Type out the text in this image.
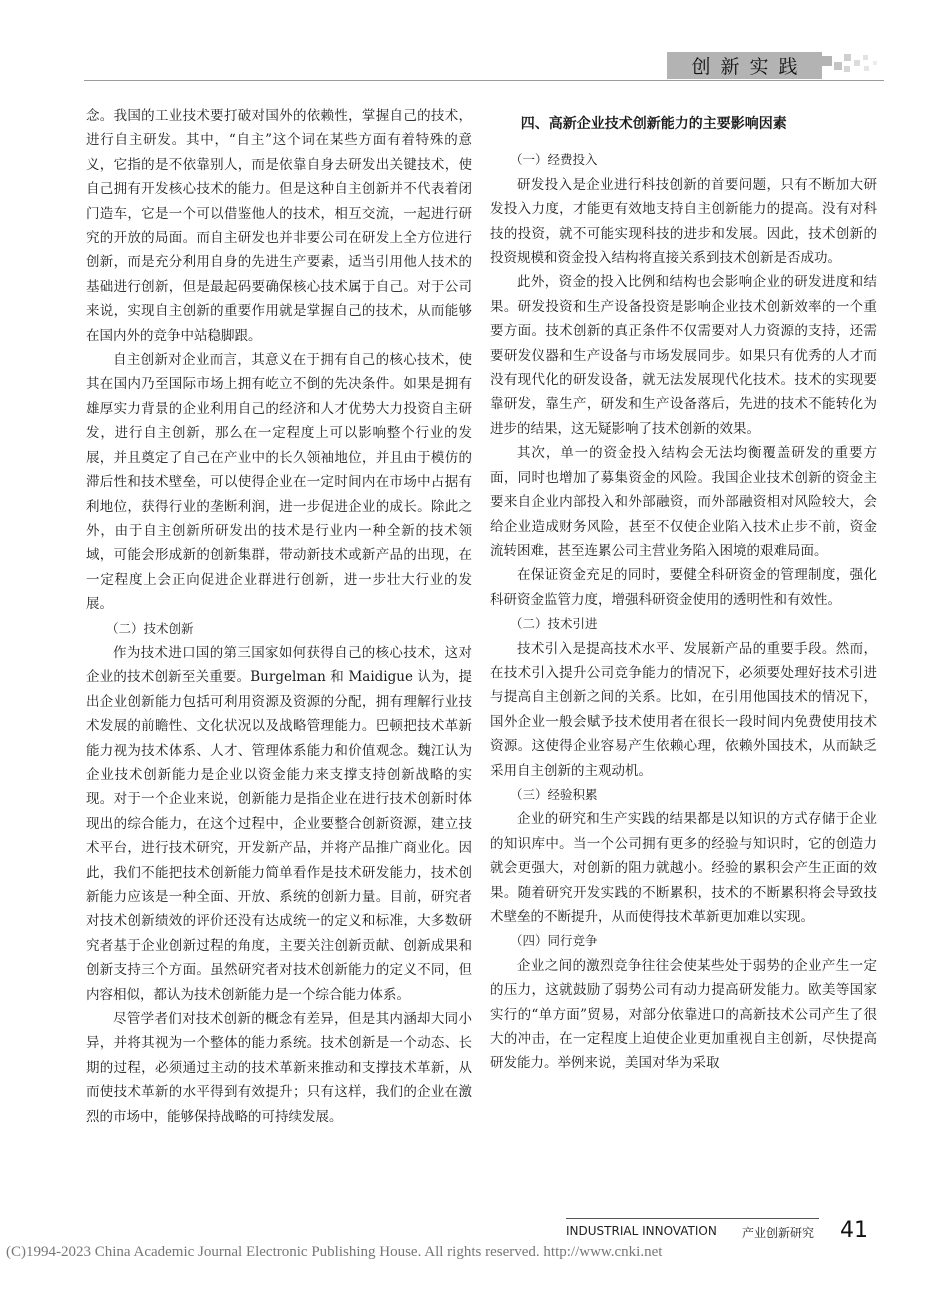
创新实践

念。我国的工业技术要打破对国外的依赖性，掌握自己的技术，进行自主研发。其中，“自主”这个词在某些方面有着特殊的意义，它指的是不依靠别人，而是依靠自身去研发出关键技术，使自己拥有开发核心技术的能力。但是这种自主创新并不代表着闭门造车，它是一个可以借鉴他人的技术，相互交流，一起进行研究的开放的局面。而自主研发也并非要公司在研发上全方位进行创新，而是充分利用自身的先进生产要素，适当引用他人技术的基础进行创新，但是最起码要确保核心技术属于自己。对于公司来说，实现自主创新的重要作用就是掌握自己的技术，从而能够在国内外的竞争中站稳脚跟。

自主创新对企业而言，其意义在于拥有自己的核心技术，使其在国内乃至国际市场上拥有屹立不倒的先决条件。如果是拥有雄厚实力背景的企业利用自己的经济和人才优势大力投资自主研发，进行自主创新，那么在一定程度上可以影响整个行业的发展，并且奠定了自己在产业中的长久领袖地位，并且由于模仿的滞后性和技术壁垒，可以使得企业在一定时间内在市场中占据有利地位，获得行业的垄断利润，进一步促进企业的成长。除此之外，由于自主创新所研发出的技术是行业内一种全新的技术领域，可能会形成新的创新集群，带动新技术或新产品的出现，在一定程度上会正向促进企业群进行创新，进一步壮大行业的发展。

（二）技术创新

作为技术进口国的第三国家如何获得自己的核心技术，这对企业的技术创新至关重要。Burgelman 和 Maidigue 认为，提出企业创新能力包括可利用资源及资源的分配，拥有理解行业技术发展的前瞻性、文化状况以及战略管理能力。巴顿把技术革新能力视为技术体系、人才、管理体系能力和价值观念。魏江认为企业技术创新能力是企业以资金能力来支撑支持创新战略的实现。对于一个企业来说，创新能力是指企业在进行技术创新时体现出的综合能力，在这个过程中，企业要整合创新资源，建立技术平台，进行技术研究，开发新产品，并将产品推广商业化。因此，我们不能把技术创新能力简单看作是技术研发能力，技术创新能力应该是一种全面、开放、系统的创新力量。目前，研究者对技术创新绩效的评价还没有达成统一的定义和标准，大多数研究者基于企业创新过程的角度，主要关注创新贡献、创新成果和创新支持三个方面。虽然研究者对技术创新能力的定义不同，但内容相似，都认为技术创新能力是一个综合能力体系。

尽管学者们对技术创新的概念有差异，但是其内涵却大同小异，并将其视为一个整体的能力系统。技术创新是一个动态、长期的过程，必须通过主动的技术革新来推动和支撑技术革新，从而使技术革新的水平得到有效提升；只有这样，我们的企业在激烈的市场中，能够保持战略的可持续发展。

四、高新企业技术创新能力的主要影响因素
（一）经费投入

研发投入是企业进行科技创新的首要问题，只有不断加大研发投入力度，才能更有效地支持自主创新能力的提高。没有对科技的投资，就不可能实现科技的进步和发展。因此，技术创新的投资规模和资金投入结构将直接关系到技术创新是否成功。

此外，资金的投入比例和结构也会影响企业的研发进度和结果。研发投资和生产设备投资是影响企业技术创新效率的一个重要方面。技术创新的真正条件不仅需要对人力资源的支持，还需要研发仪器和生产设备与市场发展同步。如果只有优秀的人才而没有现代化的研发设备，就无法发展现代化技术。技术的实现要靠研发，靠生产，研发和生产设备落后，先进的技术不能转化为进步的结果，这无疑影响了技术创新的效果。

其次，单一的资金投入结构会无法均衡覆盖研发的重要方面，同时也增加了募集资金的风险。我国企业技术创新的资金主要来自企业内部投入和外部融资，而外部融资相对风险较大，会给企业造成财务风险，甚至不仅使企业陷入技术止步不前，资金流转困难，甚至连累公司主营业务陷入困境的艰难局面。

在保证资金充足的同时，要健全科研资金的管理制度，强化科研资金监管力度，增强科研资金使用的透明性和有效性。

（二）技术引进

技术引入是提高技术水平、发展新产品的重要手段。然而，在技术引入提升公司竞争能力的情况下，必须要处理好技术引进与提高自主创新之间的关系。比如，在引用他国技术的情况下，国外企业一般会赋予技术使用者在很长一段时间内免费使用技术资源。这使得企业容易产生依赖心理，依赖外国技术，从而缺乏采用自主创新的主观动机。

（三）经验积累

企业的研究和生产实践的结果都是以知识的方式存储于企业的知识库中。当一个公司拥有更多的经验与知识时，它的创造力就会更强大，对创新的阻力就越小。经验的累积会产生正面的效果。随着研究开发实践的不断累积，技术的不断累积将会导致技术壁垒的不断提升，从而使得技术革新更加难以实现。

（四）同行竞争

企业之间的激烈竞争往往会使某些处于弱势的企业产生一定的压力，这就鼓励了弱势公司有动力提高研发能力。欧美等国家实行的“单方面”贸易，对部分依靠进口的高新技术公司产生了很大的冲击，在一定程度上迫使企业更加重视自主创新，尽快提高研发能力。举例来说，美国对华为采取

INDUSTRIAL INNOVATION 产业创新研究 41
(C)1994-2023 China Academic Journal Electronic Publishing House. All rights reserved. http://www.cnki.net
